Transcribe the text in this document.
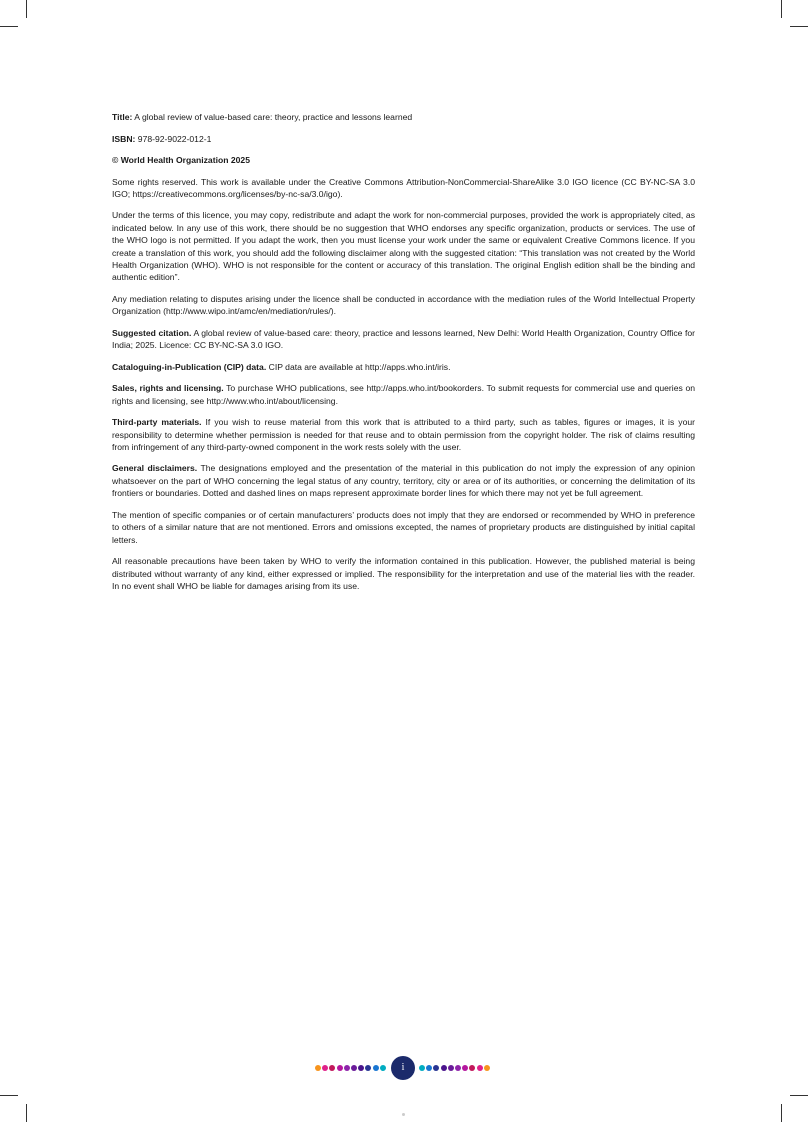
Title: A global review of value-based care: theory, practice and lessons learned

ISBN: 978-92-9022-012-1

© World Health Organization 2025

Some rights reserved. This work is available under the Creative Commons Attribution-NonCommercial-ShareAlike 3.0 IGO licence (CC BY-NC-SA 3.0 IGO; https://creativecommons.org/licenses/by-nc-sa/3.0/igo).

Under the terms of this licence, you may copy, redistribute and adapt the work for non-commercial purposes, provided the work is appropriately cited, as indicated below. In any use of this work, there should be no suggestion that WHO endorses any specific organization, products or services. The use of the WHO logo is not permitted. If you adapt the work, then you must license your work under the same or equivalent Creative Commons licence. If you create a translation of this work, you should add the following disclaimer along with the suggested citation: “This translation was not created by the World Health Organization (WHO). WHO is not responsible for the content or accuracy of this translation. The original English edition shall be the binding and authentic edition”.

Any mediation relating to disputes arising under the licence shall be conducted in accordance with the mediation rules of the World Intellectual Property Organization (http://www.wipo.int/amc/en/mediation/rules/).

Suggested citation. A global review of value-based care: theory, practice and lessons learned, New Delhi: World Health Organization, Country Office for India; 2025. Licence: CC BY-NC-SA 3.0 IGO.

Cataloguing-in-Publication (CIP) data. CIP data are available at http://apps.who.int/iris.

Sales, rights and licensing. To purchase WHO publications, see http://apps.who.int/bookorders. To submit requests for commercial use and queries on rights and licensing, see http://www.who.int/about/licensing.

Third-party materials. If you wish to reuse material from this work that is attributed to a third party, such as tables, figures or images, it is your responsibility to determine whether permission is needed for that reuse and to obtain permission from the copyright holder. The risk of claims resulting from infringement of any third-party-owned component in the work rests solely with the user.

General disclaimers. The designations employed and the presentation of the material in this publication do not imply the expression of any opinion whatsoever on the part of WHO concerning the legal status of any country, territory, city or area or of its authorities, or concerning the delimitation of its frontiers or boundaries. Dotted and dashed lines on maps represent approximate border lines for which there may not yet be full agreement.

The mention of specific companies or of certain manufacturers’ products does not imply that they are endorsed or recommended by WHO in preference to others of a similar nature that are not mentioned. Errors and omissions excepted, the names of proprietary products are distinguished by initial capital letters.

All reasonable precautions have been taken by WHO to verify the information contained in this publication. However, the published material is being distributed without warranty of any kind, either expressed or implied. The responsibility for the interpretation and use of the material lies with the reader. In no event shall WHO be liable for damages arising from its use.

i
